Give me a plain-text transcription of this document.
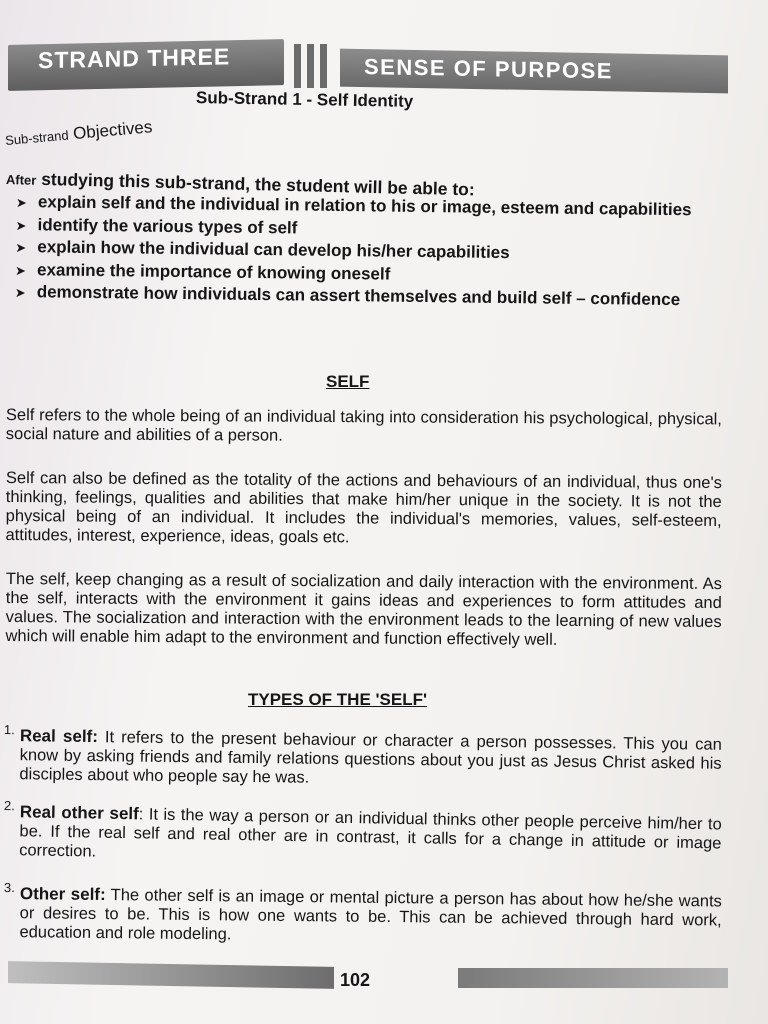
STRAND THREE	SENSE OF PURPOSE
Sub-Strand 1 - Self Identity
Sub-strand Objectives
After studying this sub-strand, the student will be able to:
➤ explain self and the individual in relation to his or image, esteem and capabilities
➤ identify the various types of self
➤ explain how the individual can develop his/her capabilities
➤ examine the importance of knowing oneself
➤ demonstrate how individuals can assert themselves and build self – confidence
SELF

Self refers to the whole being of an individual taking into consideration his psychological, physical, social nature and abilities of a person.

Self can also be defined as the totality of the actions and behaviours of an individual, thus one's thinking, feelings, qualities and abilities that make him/her unique in the society. It is not the physical being of an individual. It includes the individual's memories, values, self-esteem, attitudes, interest, experience, ideas, goals etc.

The self, keep changing as a result of socialization and daily interaction with the environment. As the self, interacts with the environment it gains ideas and experiences to form attitudes and values. The socialization and interaction with the environment leads to the learning of new values which will enable him adapt to the environment and function effectively well.

TYPES OF THE 'SELF'
1. Real self: It refers to the present behaviour or character a person possesses. This you can know by asking friends and family relations questions about you just as Jesus Christ asked his disciples about who people say he was.
2. Real other self: It is the way a person or an individual thinks other people perceive him/her to be. If the real self and real other are in contrast, it calls for a change in attitude or image correction.
3. Other self: The other self is an image or mental picture a person has about how he/she wants or desires to be. This is how one wants to be. This can be achieved through hard work, education and role modeling.
102
